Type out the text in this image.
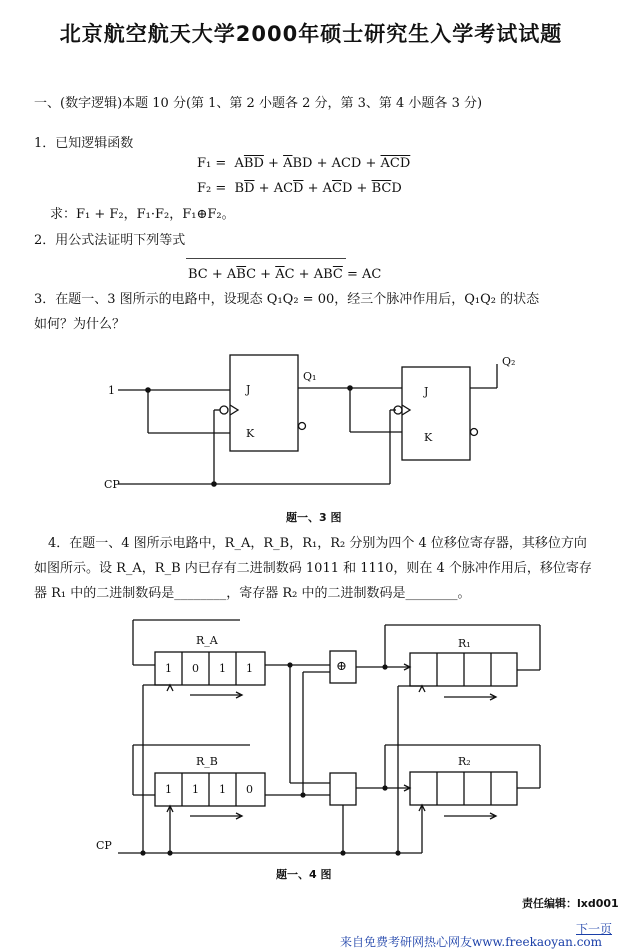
北京航空航天大学2000年硕士研究生入学考试试题
一、(数字逻辑)本题 10 分(第 1、第 2 小题各 2 分，第 3、第 4 小题各 3 分)
1．已知逻辑函数
$F_1 = A\overline{BD} + \overline{A}BD$ + ACD + $\overline{ACD}$
$F_2 = B\overline{D} + AC\overline{D} + A\overline{C}D + \overline{BC}D$
求：F₁ + F₂，F₁·F₂，F₁⊕F₂。
2．用公式法证明下列等式
BC + $A\overline{B}C + \overline{A}C + AB\overline{C}$ = AC
3．在题一、3 图所示的电路中，设现态 Q₁Q₂ = 00，经三个脉冲作用后，Q₁Q₂ 的状态
如何？为什么？
1
CP
Q₁
Q₂
J
K
J
K
题一、3 图
4．在题一、4 图所示电路中，R_A，R_B，R₁，R₂ 分别为四个 4 位移位寄存器，其移位方向
如图所示。设 R_A，R_B 内已存有二进制数码 1011 和 1110，则在 4 个脉冲作用后，移位寄存
器 R₁ 中的二进制数码是________，寄存器 R₂ 中的二进制数码是________。
R_A
R_B
R₁
R₂
1 0 1 1
1 1 1 0
⊕
CP
题一、4 图
责任编辑：lxd001
下一页
来自免费考研网热心网友www.freekaoyan.com
